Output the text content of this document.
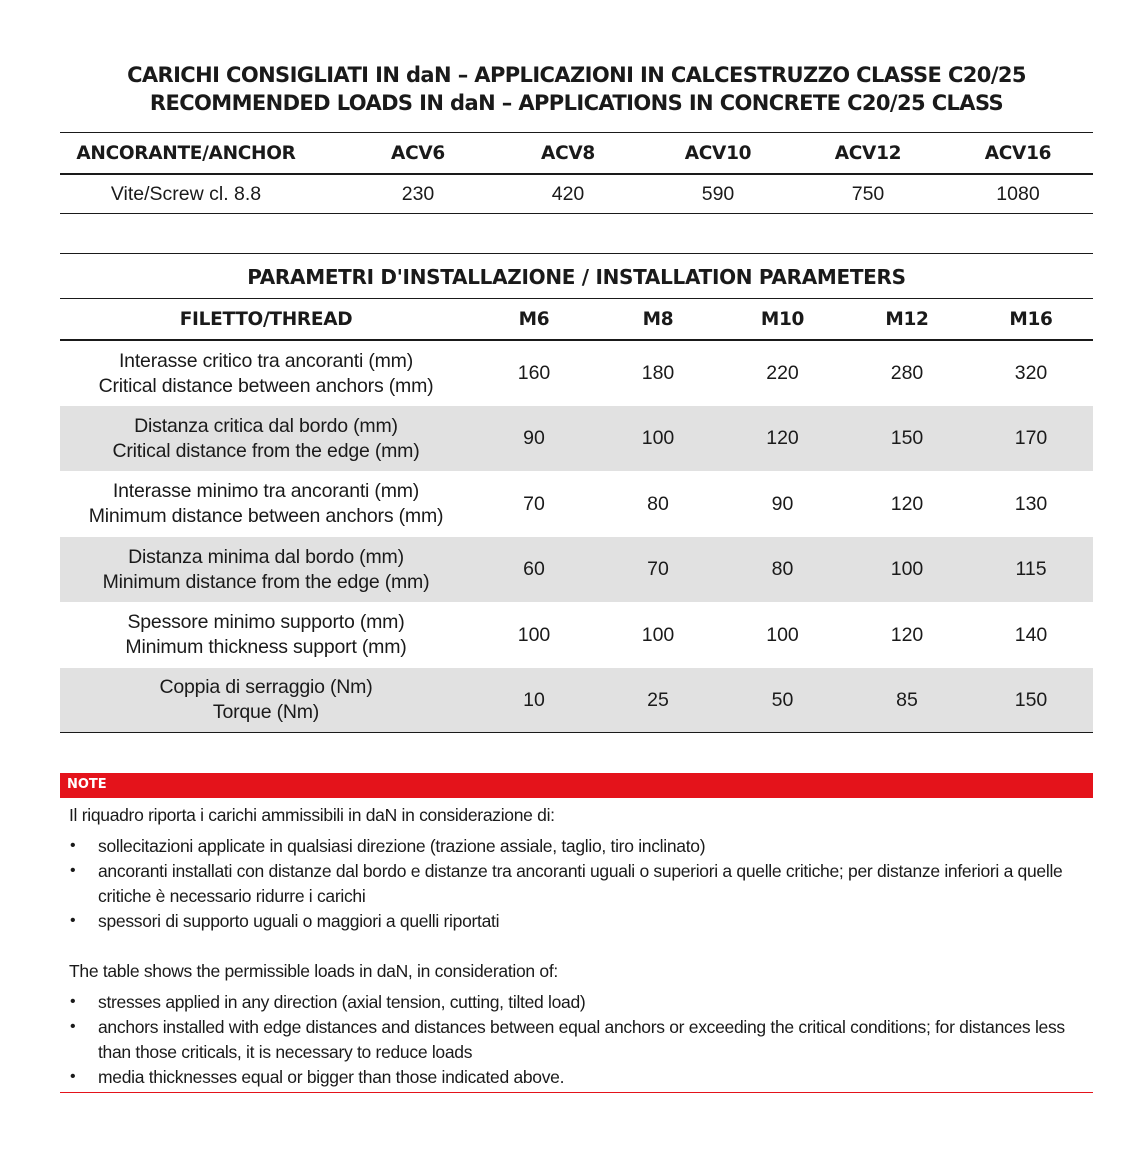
CARICHI CONSIGLIATI IN daN – APPLICAZIONI IN CALCESTRUZZO CLASSE C20/25
RECOMMENDED LOADS IN daN – APPLICATIONS IN CONCRETE C20/25 CLASS
ANCORANTE/ANCHOR	ACV6	ACV8	ACV10	ACV12	ACV16
Vite/Screw cl. 8.8	230	420	590	750	1080
PARAMETRI D'INSTALLAZIONE / INSTALLATION PARAMETERS
FILETTO/THREAD	M6	M8	M10	M12	M16
Interasse critico tra ancoranti (mm)
Critical distance between anchors (mm)
160	180	220	280	320
Distanza critica dal bordo (mm)
Critical distance from the edge (mm)
90	100	120	150	170
Interasse minimo tra ancoranti (mm)
Minimum distance between anchors (mm)
70	80	90	120	130
Distanza minima dal bordo (mm)
Minimum distance from the edge (mm)
60	70	80	100	115
Spessore minimo supporto (mm)
Minimum thickness support (mm)
100	100	100	120	140
Coppia di serraggio (Nm)
Torque (Nm)
10	25	50	85	150
NOTE
Il riquadro riporta i carichi ammissibili in daN in considerazione di:
• sollecitazioni applicate in qualsiasi direzione (trazione assiale, taglio, tiro inclinato)
• ancoranti installati con distanze dal bordo e distanze tra ancoranti uguali o superiori a quelle critiche; per distanze inferiori a quelle critiche è necessario ridurre i carichi
• spessori di supporto uguali o maggiori a quelli riportati
The table shows the permissible loads in daN, in consideration of:
• stresses applied in any direction (axial tension, cutting, tilted load)
• anchors installed with edge distances and distances between equal anchors or exceeding the critical conditions; for distances less than those criticals, it is necessary to reduce loads
• media thicknesses equal or bigger than those indicated above.
